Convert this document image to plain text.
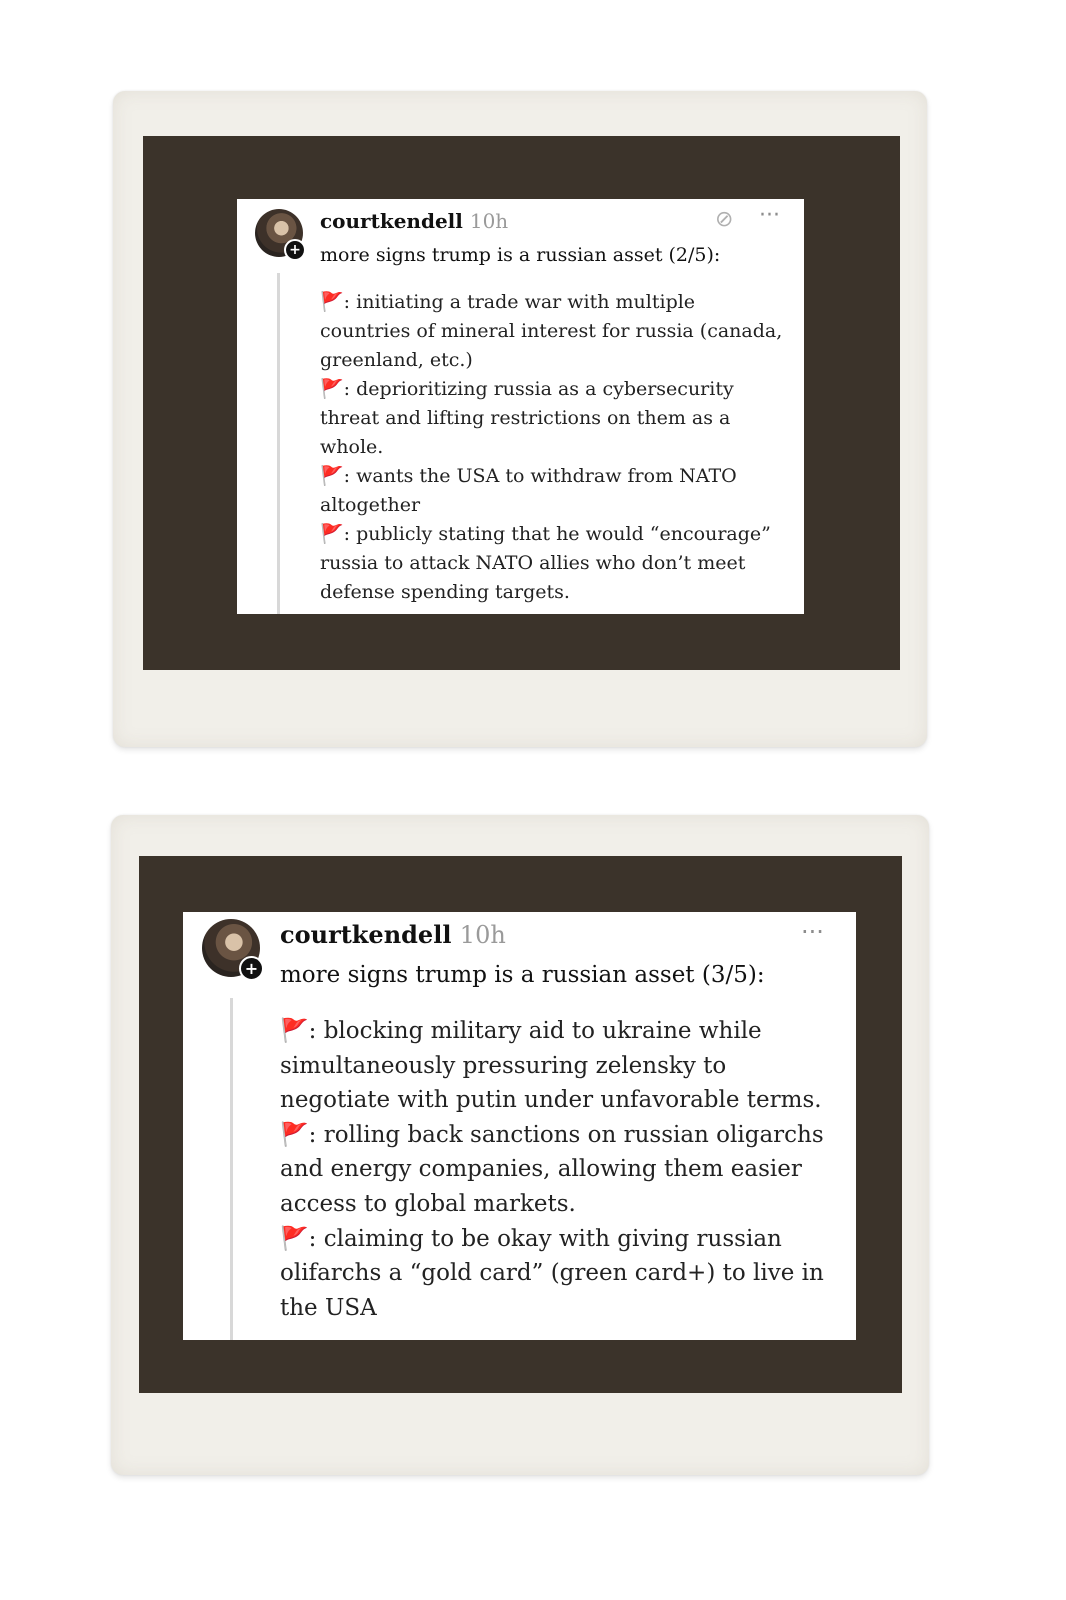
+
courtkendell 10h	⊘ ···
more signs trump is a russian asset (2/5):
🚩: initiating a trade war with multiple countries of mineral interest for russia (canada, greenland, etc.)
🚩: deprioritizing russia as a cybersecurity threat and lifting restrictions on them as a whole.
🚩: wants the USA to withdraw from NATO altogether
🚩: publicly stating that he would “encourage” russia to attack NATO allies who don’t meet defense spending targets.
+
courtkendell 10h	···
more signs trump is a russian asset (3/5):
🚩: blocking military aid to ukraine while simultaneously pressuring zelensky to negotiate with putin under unfavorable terms.
🚩: rolling back sanctions on russian oligarchs and energy companies, allowing them easier access to global markets.
🚩: claiming to be okay with giving russian olifarchs a “gold card” (green card+) to live in the USA
